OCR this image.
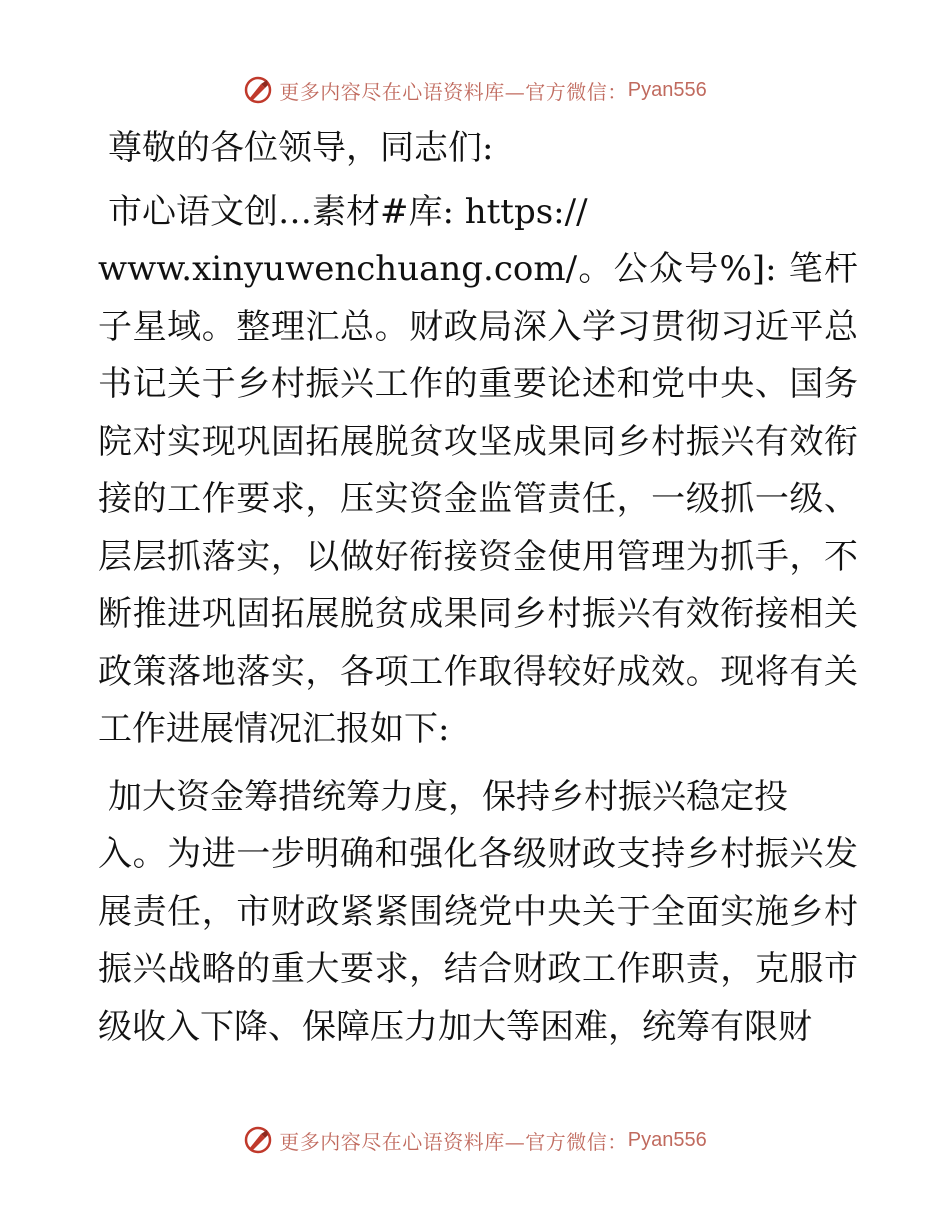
更多内容尽在心语资料库—官方微信： Pyan556

尊敬的各位领导，同志们:

市心语文创…素材#库: https://
www.xinyuwenchuang.com/。公众号%]: 笔杆子星域。整理汇总。财政局深入学习贯彻习近平总书记关于乡村振兴工作的重要论述和党中央、国务院对实现巩固拓展脱贫攻坚成果同乡村振兴有效衔接的工作要求，压实资金监管责任，一级抓一级、层层抓落实，以做好衔接资金使用管理为抓手，不断推进巩固拓展脱贫成果同乡村振兴有效衔接相关政策落地落实，各项工作取得较好成效。现将有关工作进展情况汇报如下:

加大资金筹措统筹力度，保持乡村振兴稳定投
入。为进一步明确和强化各级财政支持乡村振兴发展责任，市财政紧紧围绕党中央关于全面实施乡村振兴战略的重大要求，结合财政工作职责，克服市级收入下降、保障压力加大等困难，统筹有限财

更多内容尽在心语资料库—官方微信： Pyan556
